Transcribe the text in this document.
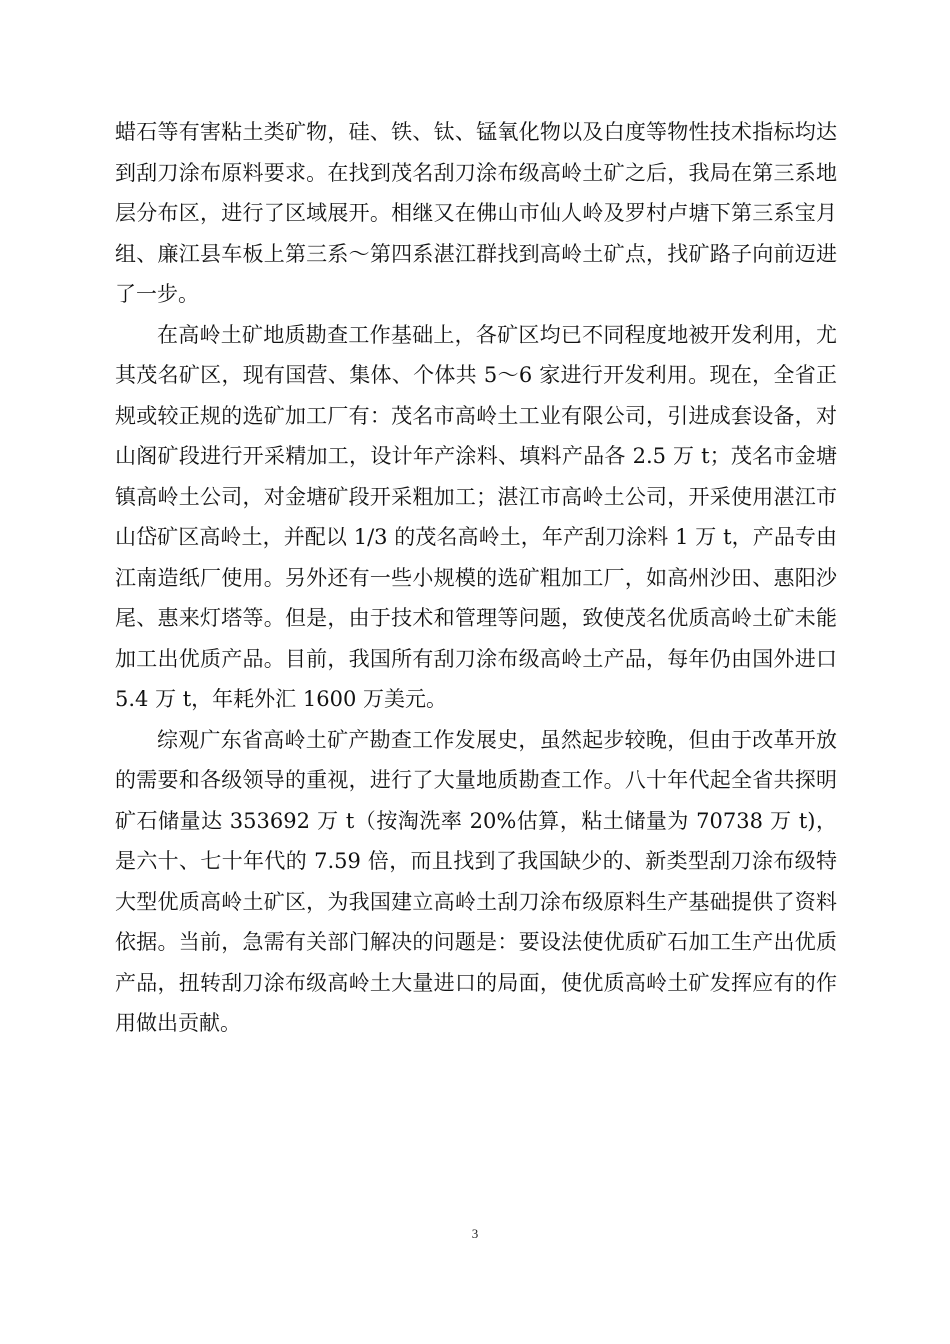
蜡石等有害粘土类矿物，硅、铁、钛、锰氧化物以及白度等物性技术指标均达到刮刀涂布原料要求。在找到茂名刮刀涂布级高岭土矿之后，我局在第三系地层分布区，进行了区域展开。相继又在佛山市仙人岭及罗村卢塘下第三系宝月组、廉江县车板上第三系～第四系湛江群找到高岭土矿点，找矿路子向前迈进了一步。

在高岭土矿地质勘查工作基础上，各矿区均已不同程度地被开发利用，尤其茂名矿区，现有国营、集体、个体共 5～6 家进行开发利用。现在，全省正规或较正规的选矿加工厂有：茂名市高岭土工业有限公司，引进成套设备，对山阁矿段进行开采精加工，设计年产涂料、填料产品各 2.5 万 t；茂名市金塘镇高岭土公司，对金塘矿段开采粗加工；湛江市高岭土公司，开采使用湛江市山岱矿区高岭土，并配以 1/3 的茂名高岭土，年产刮刀涂料 1 万 t，产品专由江南造纸厂使用。另外还有一些小规模的选矿粗加工厂，如高州沙田、惠阳沙尾、惠来灯塔等。但是，由于技术和管理等问题，致使茂名优质高岭土矿未能加工出优质产品。目前，我国所有刮刀涂布级高岭土产品，每年仍由国外进口 5.4 万 t，年耗外汇 1600 万美元。

综观广东省高岭土矿产勘查工作发展史，虽然起步较晚，但由于改革开放的需要和各级领导的重视，进行了大量地质勘查工作。八十年代起全省共探明矿石储量达 353692 万 t（按淘洗率 20%估算，粘土储量为 70738 万 t)，是六十、七十年代的 7.59 倍，而且找到了我国缺少的、新类型刮刀涂布级特大型优质高岭土矿区，为我国建立高岭土刮刀涂布级原料生产基础提供了资料依据。当前，急需有关部门解决的问题是：要设法使优质矿石加工生产出优质产品，扭转刮刀涂布级高岭土大量进口的局面，使优质高岭土矿发挥应有的作用做出贡献。

3
